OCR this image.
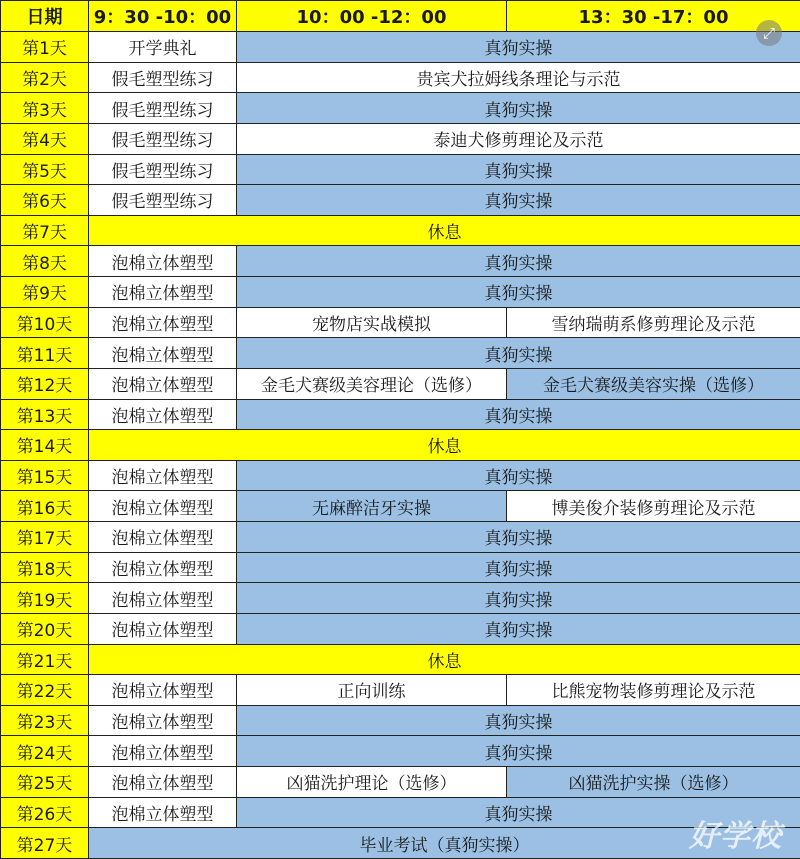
日期	9：30 -10：00	10：00 -12：00	13：30 -17：00
第1天	开学典礼	真狗实操	
第2天	假毛塑型练习	贵宾犬拉姆线条理论与示范	
第3天	假毛塑型练习	真狗实操	
第4天	假毛塑型练习	泰迪犬修剪理论及示范	
第5天	假毛塑型练习	真狗实操	
第6天	假毛塑型练习	真狗实操	
第7天	休息		
第8天	泡棉立体塑型	真狗实操	
第9天	泡棉立体塑型	真狗实操	
第10天	泡棉立体塑型	宠物店实战模拟	雪纳瑞萌系修剪理论及示范
第11天	泡棉立体塑型	真狗实操	
第12天	泡棉立体塑型	金毛犬赛级美容理论（选修）	金毛犬赛级美容实操（选修）
第13天	泡棉立体塑型	真狗实操	
第14天	休息		
第15天	泡棉立体塑型	真狗实操	
第16天	泡棉立体塑型	无麻醉洁牙实操	博美俊介装修剪理论及示范
第17天	泡棉立体塑型	真狗实操	
第18天	泡棉立体塑型	真狗实操	
第19天	泡棉立体塑型	真狗实操	
第20天	泡棉立体塑型	真狗实操	
第21天	休息		
第22天	泡棉立体塑型	正向训练	比熊宠物装修剪理论及示范
第23天	泡棉立体塑型	真狗实操	
第24天	泡棉立体塑型	真狗实操	
第25天	泡棉立体塑型	凶猫洗护理论（选修）	凶猫洗护实操（选修）
第26天	泡棉立体塑型	真狗实操	
第27天	毕业考试（真狗实操）		
⤢
好学校
